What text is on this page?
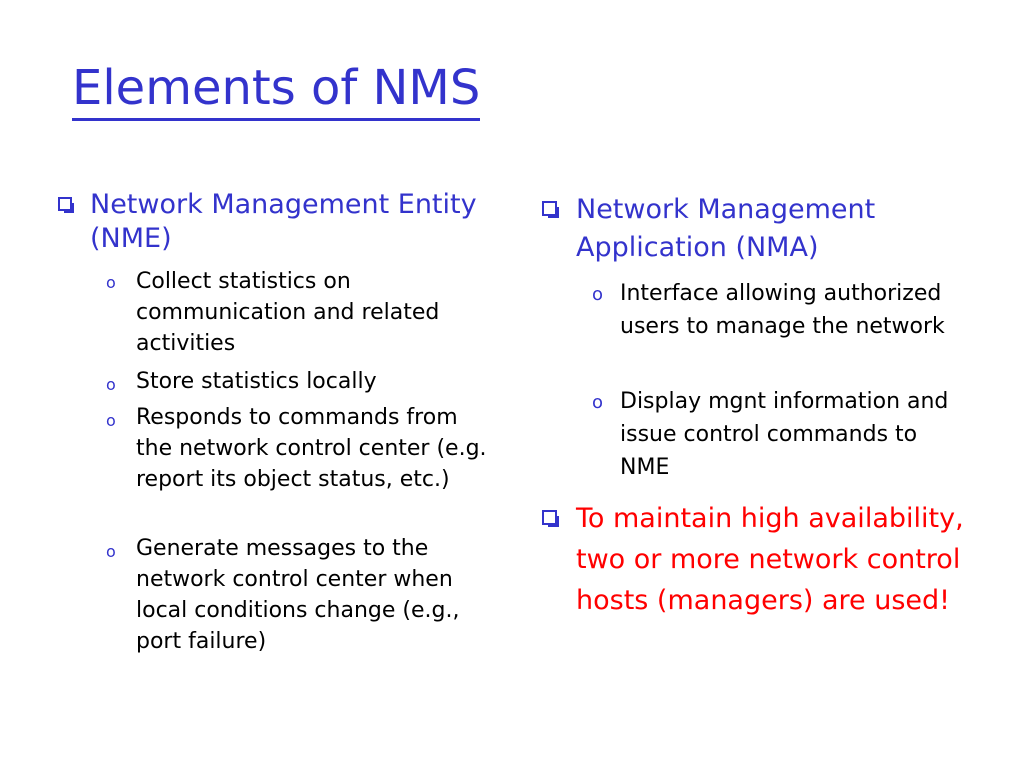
Elements of NMS

Network Management Entity (NME)

o Collect statistics on communication and related activities

o Store statistics locally

o Responds to commands from the network control center (e.g. report its object status, etc.)

o Generate messages to the network control center when local conditions change (e.g., port failure)

Network Management Application (NMA)

o Interface allowing authorized users to manage the network

o Display mgnt information and issue control commands to NME

To maintain high availability, two or more network control hosts (managers) are used!
